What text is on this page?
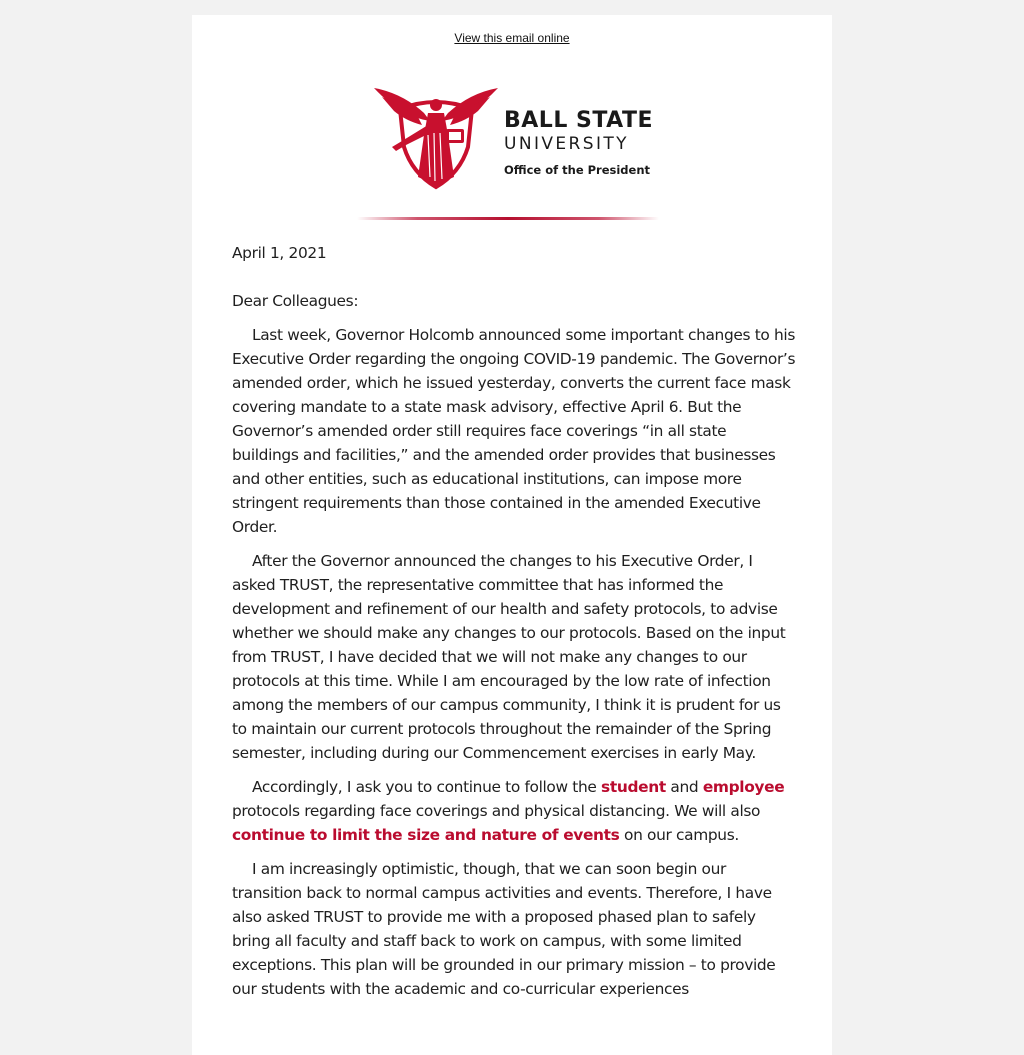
View this email online
BALL STATE
UNIVERSITY
Office of the President

April 1, 2021

Dear Colleagues:

Last week, Governor Holcomb announced some important changes to his Executive Order regarding the ongoing COVID-19 pandemic. The Governor’s amended order, which he issued yesterday, converts the current face mask covering mandate to a state mask advisory, effective April 6. But the Governor’s amended order still requires face coverings “in all state buildings and facilities,” and the amended order provides that businesses and other entities, such as educational institutions, can impose more stringent requirements than those contained in the amended Executive Order.

After the Governor announced the changes to his Executive Order, I asked TRUST, the representative committee that has informed the development and refinement of our health and safety protocols, to advise whether we should make any changes to our protocols. Based on the input from TRUST, I have decided that we will not make any changes to our protocols at this time. While I am encouraged by the low rate of infection among the members of our campus community, I think it is prudent for us to maintain our current protocols throughout the remainder of the Spring semester, including during our Commencement exercises in early May.

Accordingly, I ask you to continue to follow the student and employee protocols regarding face coverings and physical distancing. We will also continue to limit the size and nature of events on our campus.

I am increasingly optimistic, though, that we can soon begin our transition back to normal campus activities and events. Therefore, I have also asked TRUST to provide me with a proposed phased plan to safely bring all faculty and staff back to work on campus, with some limited exceptions. This plan will be grounded in our primary mission – to provide our students with the academic and co-curricular experiences
